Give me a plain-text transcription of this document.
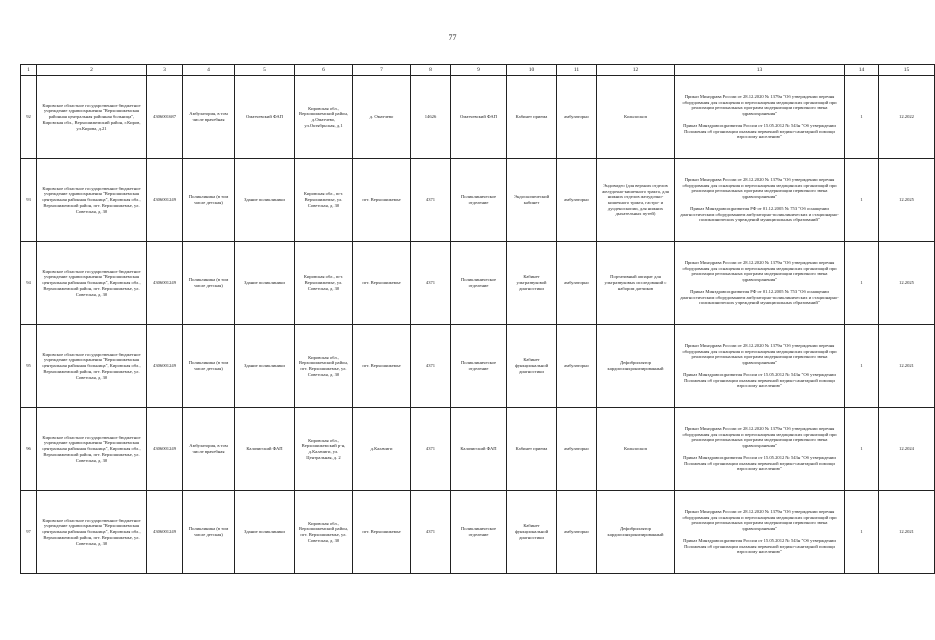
77
1	2	3	4	5	6	7	8	9	10	11	12	13	14	15
92	Кировское областное государственное бюджетное учреждение здравоохранения "Верхошижемская районная центральная районная больница", Кировская обл., Верхошижемский район, г.Киров, ул.Кирова, д.21	4306001687	Амбулатория, в том числе врачебная	Оматчевский ФАП	Кировская обл., Верхошижемский район, д.Оматчево, ул.Октябрьская, д.1	д. Оматчево	14626	Оматчевский ФАП	Кабинет приема	амбулаторно	Кольпоскоп	Приказ Минздрава России от 28.12.2020 № 1379н "Об утверждении перечня оборудования для оснащения и переоснащения медицинских организаций при реализации региональных программ модернизации первичного звена здравоохранения"
Приказ Минздравсоцразвития России от 15.05.2012 № 543н "Об утверждении Положения об организации оказания первичной медико-санитарной помощи взрослому населению"	1	12.2022
93	Кировское областное государственное бюджетное учреждение здравоохранения "Верхошижемская центральная районная больница", Кировская обл., Верхошижемский район, пгт. Верхошижемье, ул. Советская, д. 30	4306001249	Поликлиника (в том числе детская)	Здание поликлиники	Кировская обл., пгт. Верхошижемье, ул. Советская, д. 30	пгт. Верхошижемье	4371	Поликлиническое отделение	Эндоскопический кабинет	амбулаторно	Эндовидео (для верхних отделов желудочно-кишечного тракта, для нижних отделов желудочно-кишечного тракта, гастро- и дуоденоскопии, для нижних дыхательных путей)	Приказ Минздрава России от 28.12.2020 № 1379н "Об утверждении перечня оборудования для оснащения и переоснащения медицинских организаций при реализации региональных программ модернизации первичного звена здравоохранения"
Приказ Минздравсоцразвития РФ от 01.12.2005 № 753 "Об оснащении диагностическим оборудованием амбулаторно-поликлинических и стационарно-поликлинических учреждений муниципальных образований"	1	12.2025
94	Кировское областное государственное бюджетное учреждение здравоохранения "Верхошижемская центральная районная больница", Кировская обл., Верхошижемский район, пгт. Верхошижемье, ул. Советская, д. 30	4306001249	Поликлиника (в том числе детская)	Здание поликлиники	Кировская обл., пгт. Верхошижемье, ул. Советская, д. 30	пгт. Верхошижемье	4371	Поликлиническое отделение	Кабинет ультразвуковой диагностики	амбулаторно	Портативный аппарат для ультразвуковых исследований с набором датчиков	Приказ Минздрава России от 28.12.2020 № 1379н "Об утверждении перечня оборудования для оснащения и переоснащения медицинских организаций при реализации региональных программ модернизации первичного звена здравоохранения"
Приказ Минздравсоцразвития РФ от 01.12.2005 № 753 "Об оснащении диагностическим оборудованием амбулаторно-поликлинических и стационарно-поликлинических учреждений муниципальных образований"	1	12.2025
95	Кировское областное государственное бюджетное учреждение здравоохранения "Верхошижемская центральная районная больница", Кировская обл., Верхошижемский район, пгт. Верхошижемье, ул. Советская, д. 30	4306001249	Поликлиника (в том числе детская)	Здание поликлиники	Кировская обл., Верхошижемский район, пгт. Верхошижемье, ул. Советская, д. 30	пгт. Верхошижемье	4371	Поликлиническое отделение	Кабинет функциональной диагностики	амбулаторно	Дефибриллятор кардиосинхронизированный	Приказ Минздрава России от 28.12.2020 № 1379н "Об утверждении перечня оборудования для оснащения и переоснащения медицинских организаций при реализации региональных программ модернизации первичного звена здравоохранения"
Приказ Минздравсоцразвития России от 15.05.2012 № 543н "Об утверждении Положения об организации оказания первичной медико-санитарной помощи взрослому населению"	1	12.2021
96	Кировское областное государственное бюджетное учреждение здравоохранения "Верхошижемская центральная районная больница", Кировская обл., Верхошижемский район, пгт. Верхошижемье, ул. Советская, д. 30	4306001249	Амбулатория, в том числе врачебная	Калачигский ФАП	Кировская обл., Верхошижемский р-н, д.Калачиги, ул. Центральная, д. 2	д.Калачиги	4371	Калачигский ФАП	Кабинет приема	амбулаторно	Кольпоскоп	Приказ Минздрава России от 28.12.2020 № 1379н "Об утверждении перечня оборудования для оснащения и переоснащения медицинских организаций при реализации региональных программ модернизации первичного звена здравоохранения"
Приказ Минздравсоцразвития России от 15.05.2012 № 543н "Об утверждении Положения об организации оказания первичной медико-санитарной помощи взрослому населению"	1	12.2024
97	Кировское областное государственное бюджетное учреждение здравоохранения "Верхошижемская центральная районная больница", Кировская обл., Верхошижемский район, пгт. Верхошижемье, ул. Советская, д. 30	4306001249	Поликлиника (в том числе детская)	Здание поликлиники	Кировская обл., Верхошижемский район, пгт. Верхошижемье, ул. Советская, д. 30	пгт. Верхошижемье	4371	Поликлиническое отделение	Кабинет функциональной диагностики	амбулаторно	Дефибриллятор кардиосинхронизированный	Приказ Минздрава России от 28.12.2020 № 1379н "Об утверждении перечня оборудования для оснащения и переоснащения медицинских организаций при реализации региональных программ модернизации первичного звена здравоохранения"
Приказ Минздравсоцразвития России от 15.05.2012 № 543н "Об утверждении Положения об организации оказания первичной медико-санитарной помощи взрослому населению"	1	12.2021
